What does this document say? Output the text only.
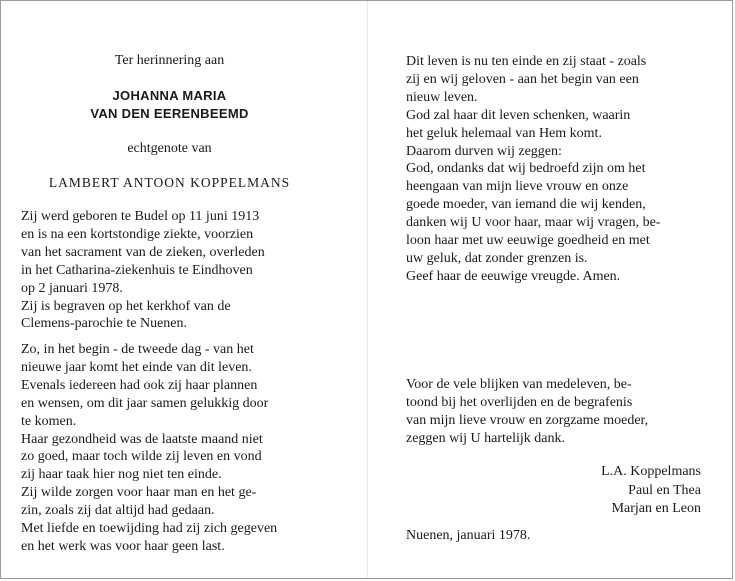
Ter herinnering aan
JOHANNA MARIA
VAN DEN EERENBEEMD
echtgenote van
LAMBERT ANTOON KOPPELMANS

Zij werd geboren te Budel op 11 juni 1913

en is na een kortstondige ziekte, voorzien

van het sacrament van de zieken, overleden

in het Catharina-ziekenhuis te Eindhoven

op 2 januari 1978.

Zij is begraven op het kerkhof van de

Clemens-parochie te Nuenen.

Zo, in het begin - de tweede dag - van het

nieuwe jaar komt het einde van dit leven.

Evenals iedereen had ook zij haar plannen

en wensen, om dit jaar samen gelukkig door

te komen.

Haar gezondheid was de laatste maand niet

zo goed, maar toch wilde zij leven en vond

zij haar taak hier nog niet ten einde.

Zij wilde zorgen voor haar man en het ge-

zin, zoals zij dat altijd had gedaan.

Met liefde en toewijding had zij zich gegeven

en het werk was voor haar geen last.

Dit leven is nu ten einde en zij staat - zoals

zij en wij geloven - aan het begin van een

nieuw leven.

God zal haar dit leven schenken, waarin

het geluk helemaal van Hem komt.

Daarom durven wij zeggen:

God, ondanks dat wij bedroefd zijn om het

heengaan van mijn lieve vrouw en onze

goede moeder, van iemand die wij kenden,

danken wij U voor haar, maar wij vragen, be-

loon haar met uw eeuwige goedheid en met

uw geluk, dat zonder grenzen is.

Geef haar de eeuwige vreugde. Amen.

Voor de vele blijken van medeleven, be-

toond bij het overlijden en de begrafenis

van mijn lieve vrouw en zorgzame moeder,

zeggen wij U hartelijk dank.

L.A. Koppelmans

Paul en Thea

Marjan en Leon

Nuenen, januari 1978.
